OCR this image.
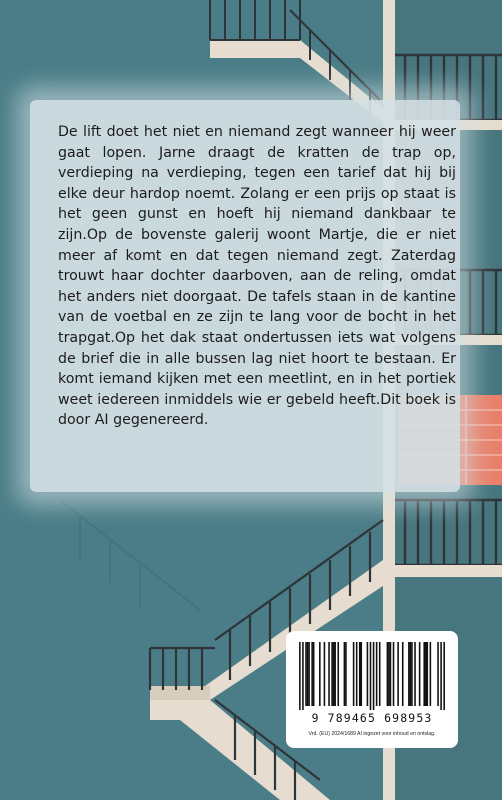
De lift doet het niet en niemand zegt wanneer hij weer gaat lopen. Jarne draagt de kratten de trap op, verdieping na verdieping, tegen een tarief dat hij bij elke deur hardop noemt. Zolang er een prijs op staat is het geen gunst en hoeft hij niemand dankbaar te zijn.Op de bovenste galerij woont Martje, die er niet meer af komt en dat tegen niemand zegt. Zaterdag trouwt haar dochter daarboven, aan de reling, omdat het anders niet doorgaat. De tafels staan in de kantine van de voetbal en ze zijn te lang voor de bocht in het trapgat.Op het dak staat ondertussen iets wat volgens de brief die in alle bussen lag niet hoort te bestaan. Er komt iemand kijken met een meetlint, en in het portiek weet iedereen inmiddels wie er gebeld heeft.Dit boek is door AI gegenereerd.

9 789465 698953
Vrd. (EU) 2024/1689 AI ingezet voor inhoud en ontslag.
